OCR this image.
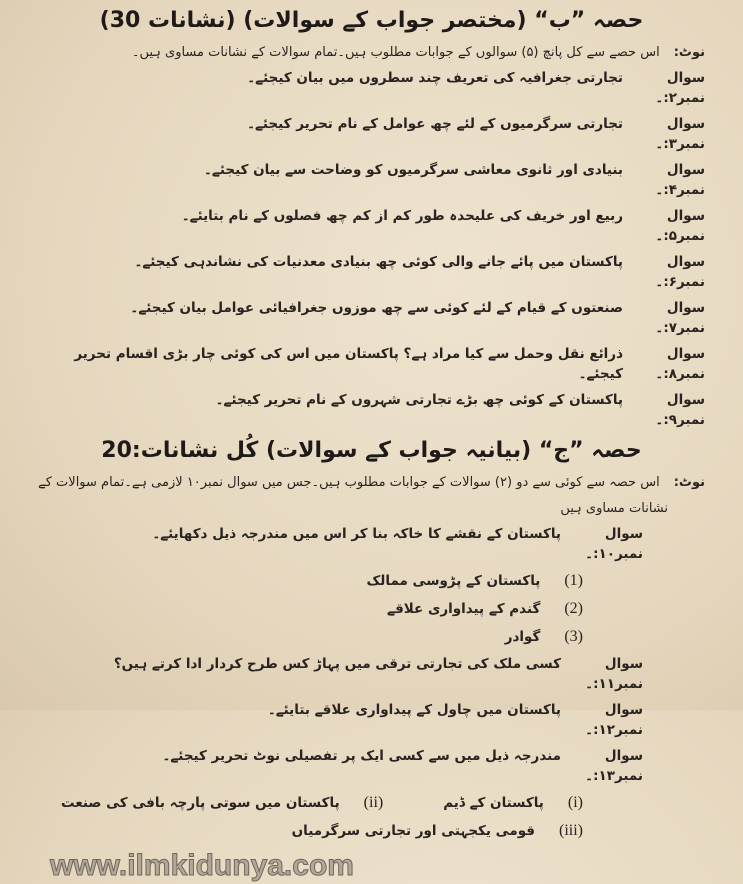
حصہ ”ب“ (مختصر جواب کے سوالات) (نشانات 30)
نوٹ:اس حصے سے کل پانچ (۵) سوالوں کے جوابات مطلوب ہیں۔تمام سوالات کے نشانات مساوی ہیں۔
سوال نمبر۲:۔
تجارتی جغرافیہ کی تعریف چند سطروں میں بیان کیجئے۔
سوال نمبر۳:۔
تجارتی سرگرمیوں کے لئے چھ عوامل کے نام تحریر کیجئے۔
سوال نمبر۴:۔
بنیادی اور ثانوی معاشی سرگرمیوں کو وضاحت سے بیان کیجئے۔
سوال نمبر۵:۔
ربیع اور خریف کی علیحدہ طور کم از کم چھ فصلوں کے نام بتایئے۔
سوال نمبر۶:۔
پاکستان میں پائے جانے والی کوئی چھ بنیادی معدنیات کی نشاندہی کیجئے۔
سوال نمبر۷:۔
صنعتوں کے قیام کے لئے کوئی سے چھ موزوں جغرافیائی عوامل بیان کیجئے۔
سوال نمبر۸:۔
ذرائع نقل وحمل سے کیا مراد ہے؟ پاکستان میں اس کی کوئی چار بڑی اقسام تحریر کیجئے۔
سوال نمبر۹:۔
پاکستان کے کوئی چھ بڑے تجارتی شہروں کے نام تحریر کیجئے۔
حصہ ”ج“ (بیانیہ جواب کے سوالات) کُل نشانات:20
نوٹ:اس حصہ سے کوئی سے دو (۲) سوالات کے جوابات مطلوب ہیں۔جس میں سوال نمبر۱۰ لازمی ہے۔تمام سوالات کے
نشانات مساوی ہیں
سوال نمبر۱۰:۔
پاکستان کے نقشے کا خاکہ بنا کر اس میں مندرجہ ذیل دکھایئے۔
(1)
پاکستان کے پڑوسی ممالک
(2)
گندم کے پیداواری علاقے
(3)
گوادر
سوال نمبر۱۱:۔
کسی ملک کی تجارتی ترقی میں پہاڑ کس طرح کردار ادا کرتے ہیں؟
سوال نمبر۱۲:۔
پاکستان میں چاول کے پیداواری علاقے بتایئے۔
سوال نمبر۱۳:۔
مندرجہ ذیل میں سے کسی ایک پر تفصیلی نوٹ تحریر کیجئے۔
(i)
پاکستان کے ڈیم
(ii)
پاکستان میں سوتی پارچہ بافی کی صنعت
(iii)
قومی یکجہتی اور تجارتی سرگرمیاں
www.ilmkidunya.com
